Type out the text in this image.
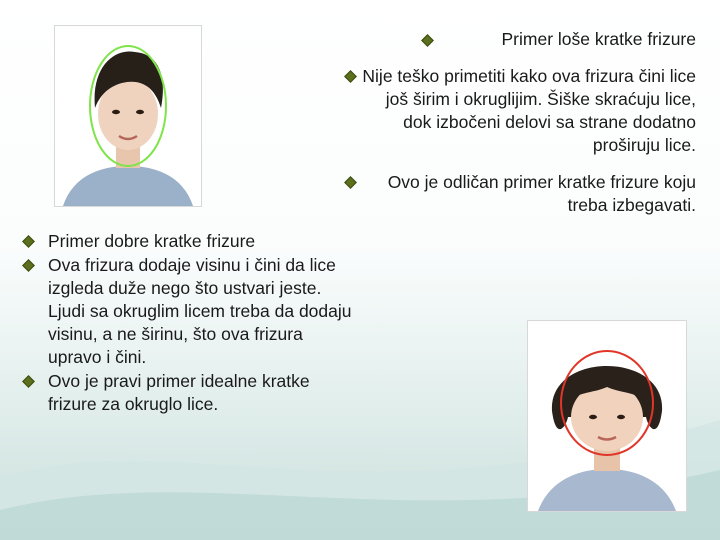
Primer loše kratke frizure
Nije teško primetiti kako ova frizura čini lice još širim i okruglijim. Šiške skraćuju lice, dok izbočeni delovi sa strane dodatno proširuju lice.
Ovo je odličan primer kratke frizure koju treba izbegavati.
Primer dobre kratke frizure
Ova frizura dodaje visinu i čini da lice izgleda duže nego što ustvari jeste. Ljudi sa okruglim licem treba da dodaju visinu, a ne širinu, što ova frizura upravo i čini.
Ovo je pravi primer idealne kratke frizure za okruglo lice.
